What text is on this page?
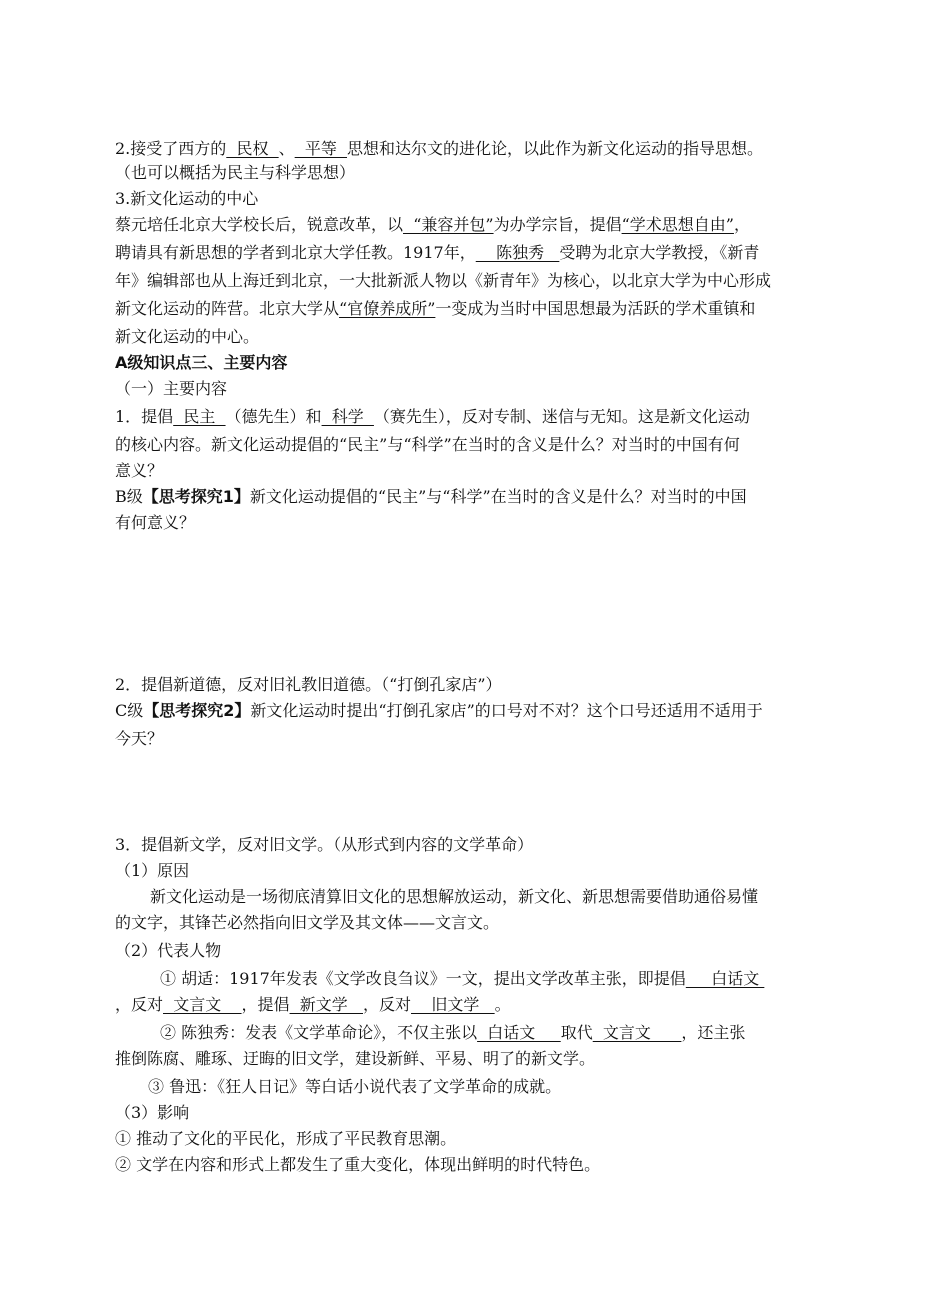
2.接受了西方的  民权  、  平等  思想和达尔文的进化论，以此作为新文化运动的指导思想。
（也可以概括为民主与科学思想）
3.新文化运动的中心
蔡元培任北京大学校长后，锐意改革，以  “兼容并包”为办学宗旨，提倡“学术思想自由”，
聘请具有新思想的学者到北京大学任教。1917年，    陈独秀   受聘为北京大学教授，《新青
年》编辑部也从上海迁到北京，一大批新派人物以《新青年》为核心，以北京大学为中心形成
新文化运动的阵营。北京大学从“官僚养成所”一变成为当时中国思想最为活跃的学术重镇和
新文化运动的中心。
A级知识点三、主要内容
（一）主要内容
1．提倡  民主  （德先生）和  科学  （赛先生），反对专制、迷信与无知。这是新文化运动
的核心内容。新文化运动提倡的“民主”与“科学”在当时的含义是什么？对当时的中国有何
意义？
B级【思考探究1】新文化运动提倡的“民主”与“科学”在当时的含义是什么？对当时的中国
有何意义？
2．提倡新道德，反对旧礼教旧道德。（“打倒孔家店”）
C级【思考探究2】新文化运动时提出“打倒孔家店”的口号对不对？这个口号还适用不适用于
今天？
3．提倡新文学，反对旧文学。（从形式到内容的文学革命）
（1）原因
新文化运动是一场彻底清算旧文化的思想解放运动，新文化、新思想需要借助通俗易懂
的文字，其锋芒必然指向旧文学及其文体——文言文。
（2）代表人物
① 胡适：1917年发表《文学改良刍议》一文，提出文学改革主张，即提倡     白话文
，反对  文言文    ，提倡  新文学   ，反对    旧文学   。
② 陈独秀：发表《文学革命论》，不仅主张以  白话文     取代  文言文      ，还主张
推倒陈腐、雕琢、迂晦的旧文学，建设新鲜、平易、明了的新文学。
③ 鲁迅：《狂人日记》等白话小说代表了文学革命的成就。
（3）影响
① 推动了文化的平民化，形成了平民教育思潮。
② 文学在内容和形式上都发生了重大变化，体现出鲜明的时代特色。
